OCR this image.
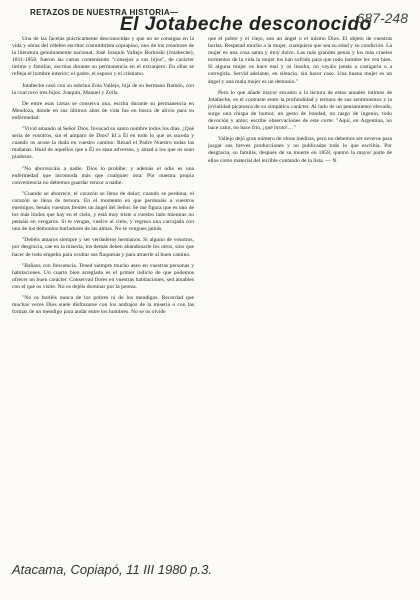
RETAZOS DE NUESTRA HISTORIA—
El Jotabeche desconocido
687-248

Una de las facetas prácticamente desconocidas y que no se consigna en la vida y obras del célebre escritor costumbrista copiapino, uno de los creadores de la literatura genuinamente nacional, José Joaquín Vallejo Borkoski (Jotabeche), 1811-1858, fueron las cartas conteniendo "consejos a sus hijos", de carácter íntimo y familiar, escritas durante su permanencia en el extranjero. En ellas se refleja el hombre interior; el padre, el esposo y el cristiano.

Jotabeche casó con su sobrina Zoía Vallejo, hija de su hermano Ramón, con la cual tuvo tres hijos: Joaquín, Manuel y Zoïla.

De entre esas cartas se conserva una, escrita durante su permanencia en Mendoza, donde en sus últimos años de vida fue en busca de alivio para su enfermedad:

"Vivid amando al Señor Dios. Invocad su santo nombre todos los días. ¿Qué sería de vosotros, sin el amparo de Dios? Id a Él en todo lo que os suceda y cuando os acose la duda en vuestro camino. Rezad el Padre Nuestro todas las mañanas. Huid de aquellos que a Él os sean adversos, y ámad a los que os sean piadosos.

"No aborrezcáis a nadie. Dios lo prohíbe; y además el odio es una enfermedad que incomoda más que cualquier otra. Por nuestra propia conveniencia no debemos guardar rencor a nadie.

"Cuando se aborrece, el corazón se llena de dolor; cuando se perdona, el corazón se llena de ternura. En el momento en que perdonáis a vuestros enemigos, besáis vuestras frentes un ángel del Señor. Se me figura que es uno de los más lindos que hay en el cielo, y está muy triste a vuestro lado mientras no pensáis en vengaros. Si te vengas, vuelve al cielo, y regresa una carcajada con uno de los demonios burladores de las almas. No te vengues jamás.

"Debéis amaros siempre y ser verdaderos hermanos. Si alguno de vosotros, por desgracia, cae en la miseria, los demás deben abandonarle los otros, sino que hacer de todo empeño para ocultar sus flaquezas y para atraerle al buen camino.

"Bañaos con frecuencia. Tened siempre mucho aseo en vuestras personas y habitaciones. Un cuarto bien arreglado es el primer indicio de que podemos ofrecer un buen carácter. Conservad flores en vuestras habitaciones, sed amables con el que os visite. No os dejéis dominar por la pereza.

"No os burléis nunca de los pobres ni de los mendigos. Recordad que muchas veces Dios suele disfrazarse con los andrajos de la miseria o con las formas de un mendigo para andar entre los hombres. No se os olvide

que el pobre y el viejo, son un ángel o el mismo Dios. El objeto de vuestras burlas. Respetad mucho a la mujer, cualquiera que sea su edad y su condición. La mujer es una cosa santa y muy dulce. Las más grandes penas y los más crueles tormentos de la vida la mujer los han sufrido para que todo hombre les vea bien. Si alguna mujer os hace mal y os insulta, no vayáis jamás a castigarla o a corregirla. Servid adelante, en silencio, sin hacer caso. Una buena mujer es un ángel y una mala mujer es un demonio."

Pero lo que añade mayor encanto a la lectura de estos anuales íntimos de Jotabeche, es el contraste entre la profundidad y ternura de sus sentimientos y la jovialidad picaresca de su simpático carácter. Al lado de un pensamiento elevado, surge una chispa de humor, un gesto de bondad, un rasgo de ingenio, todo devoción y amor, escribe observaciones de este corte: "Aquí, en Argentina, no hace calor, no hace frío, ¡qué bruto!…"

Vallejo dejó gran número de obras inéditas, pero no debemos ser severos para juzgar sus breves producciones y no publicadas todo lo que escribía. Por desgracia, su familia, después de su muerte en 1858, quemó la mayor parte de ellos como material del terrible contando de la lista. — N.

Atacama, Copiapó, 11 III 1980 p.3.
